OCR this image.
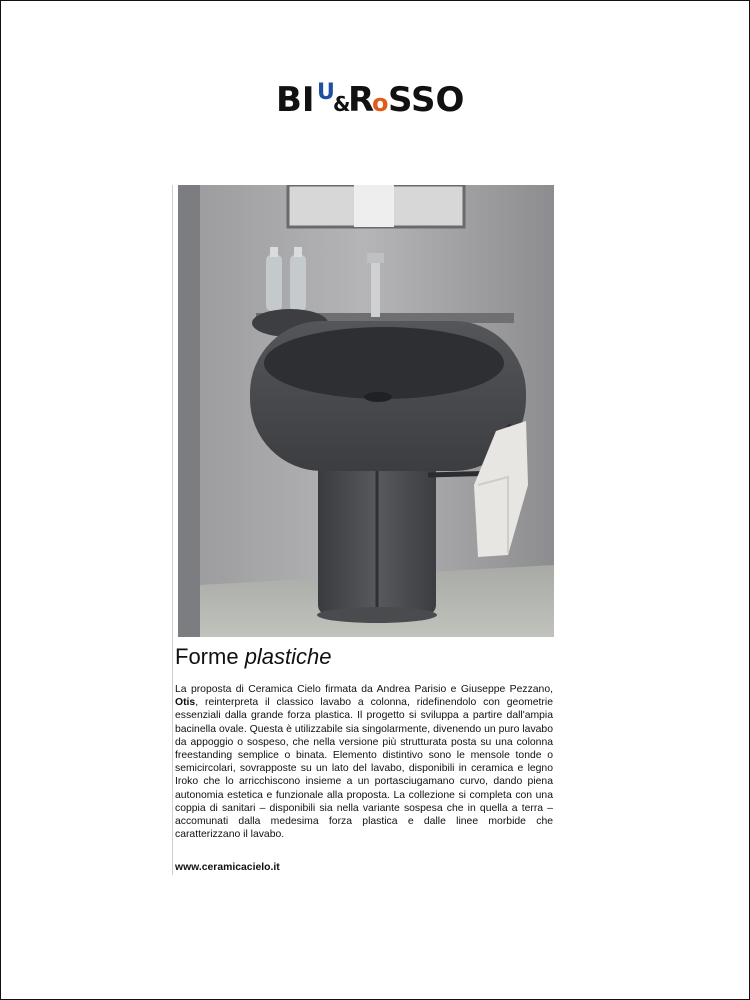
BI U
&
R
o SSO
Forme plastiche
La proposta di Ceramica Cielo firmata da Andrea Parisio e Giuseppe Pezzano, Otis, reinterpreta il classico lavabo a colonna, ridefinendolo con geometrie essenziali dalla grande forza plastica. Il progetto si sviluppa a partire dall'ampia bacinella ovale. Questa è utilizzabile sia singolarmente, divenendo un puro lavabo da appoggio o sospeso, che nella versione più strutturata posta su una colonna freestanding semplice o binata. Elemento distintivo sono le mensole tonde o semicircolari, sovrapposte su un lato del lavabo, disponibili in ceramica e legno Iroko che lo arricchiscono insieme a un portasciugamano curvo, dando piena autonomia estetica e funzionale alla proposta. La collezione si completa con una coppia di sanitari – disponibili sia nella variante sospesa che in quella a terra – accomunati dalla medesima forza plastica e dalle linee morbide che caratterizzano il lavabo.
www.ceramicacielo.it
